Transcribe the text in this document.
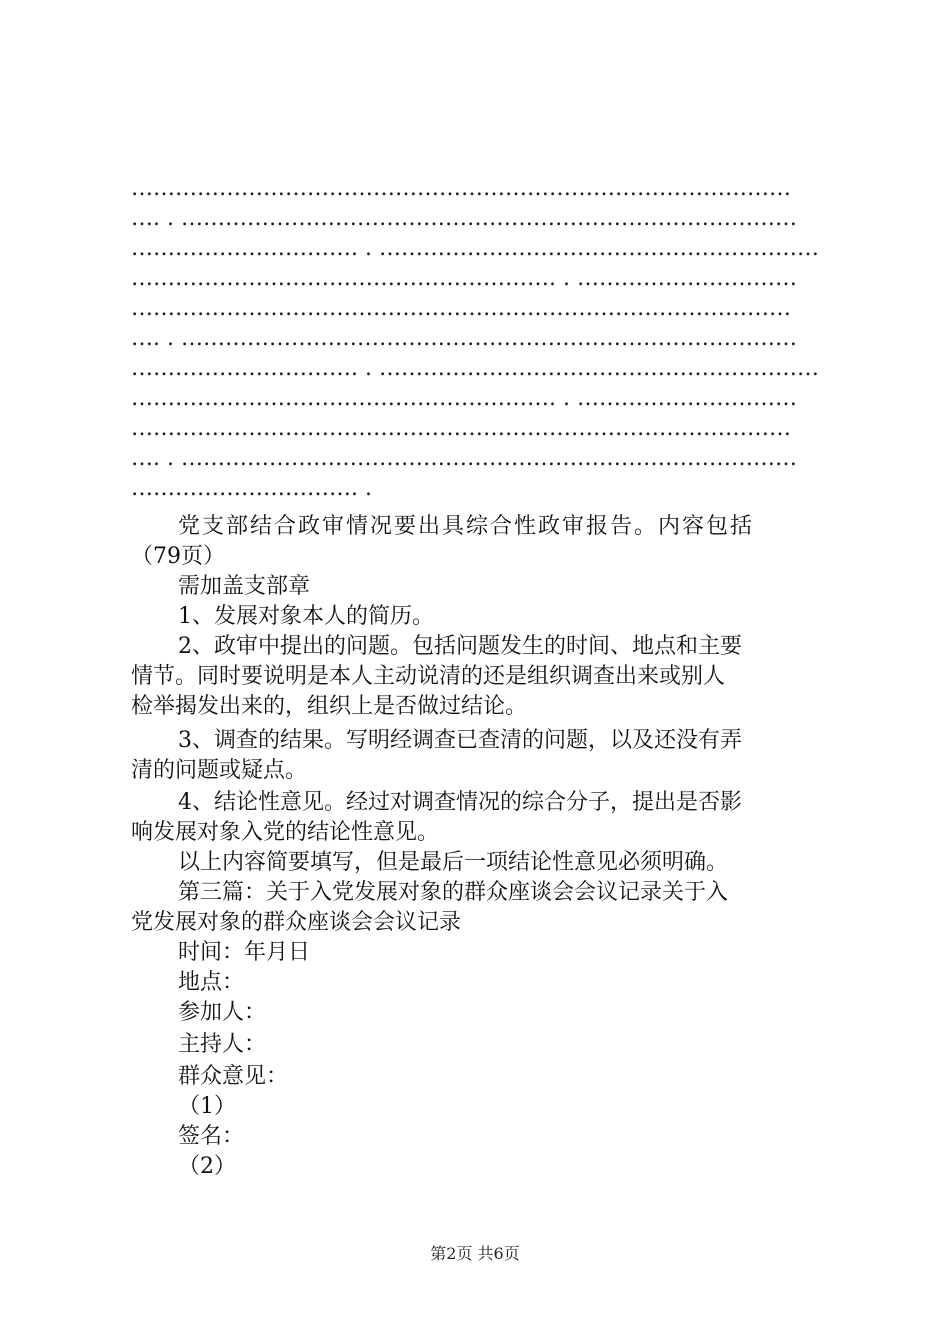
………………………………………………………………………………
…. . …………………………………………………………………………
…………………………. . ……………………………………………………
…………………………………………………. . …………………………
………………………………………………………………………………
…. . …………………………………………………………………………
…………………………. . ……………………………………………………
…………………………………………………. . …………………………
………………………………………………………………………………
…. . …………………………………………………………………………
…………………………. .
党支部结合政审情况要出具综合性政审报告。内容包括
（79页）
需加盖支部章
1、发展对象本人的简历。
2、政审中提出的问题。包括问题发生的时间、地点和主要
情节。同时要说明是本人主动说清的还是组织调查出来或别人
检举揭发出来的，组织上是否做过结论。
3、调查的结果。写明经调查已查清的问题，以及还没有弄
清的问题或疑点。
4、结论性意见。经过对调查情况的综合分子，提出是否影
响发展对象入党的结论性意见。
以上内容简要填写，但是最后一项结论性意见必须明确。
第三篇：关于入党发展对象的群众座谈会会议记录关于入
党发展对象的群众座谈会会议记录
时间：年月日
地点：
参加人：
主持人：
群众意见：
（1）
签名：
（2）
第2页 共6页
